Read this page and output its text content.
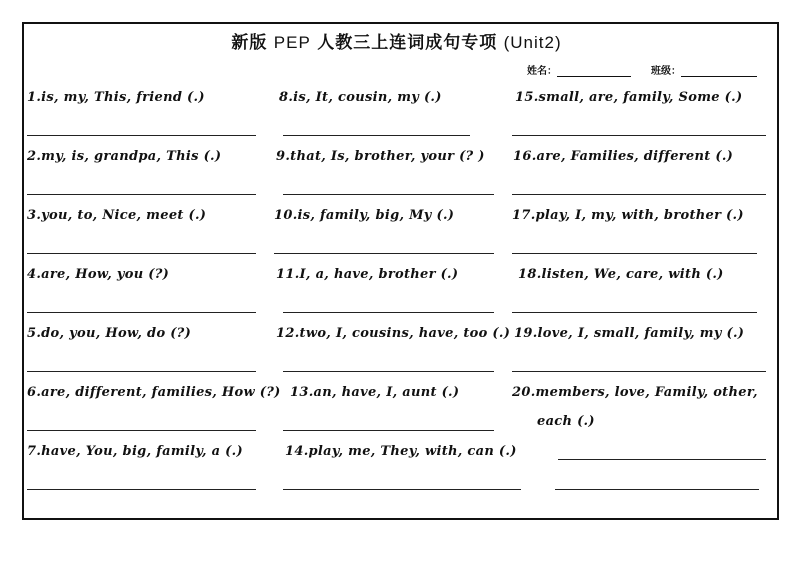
新版 PEP 人教三上连词成句专项 (Unit2)
姓名：	班级：
1.is, my, This, friend (.)
2.my, is, grandpa, This (.)
3.you, to, Nice, meet (.)
4.are, How, you (?)
5.do, you, How, do (?)
6.are, different, families, How (?)
7.have, You, big, family, a (.)
8.is, It, cousin, my (.)
9.that, Is, brother, your (? )
10.is, family, big, My (.)
11.I, a, have, brother (.)
12.two, I, cousins, have, too (.)
13.an, have, I, aunt (.)
14.play, me, They, with, can (.)
15.small, are, family, Some (.)
16.are, Families, different (.)
17.play, I, my, with, brother (.)
18.listen, We, care, with (.)
19.love, I, small, family, my (.)
20.members, love, Family, other,
each (.)
